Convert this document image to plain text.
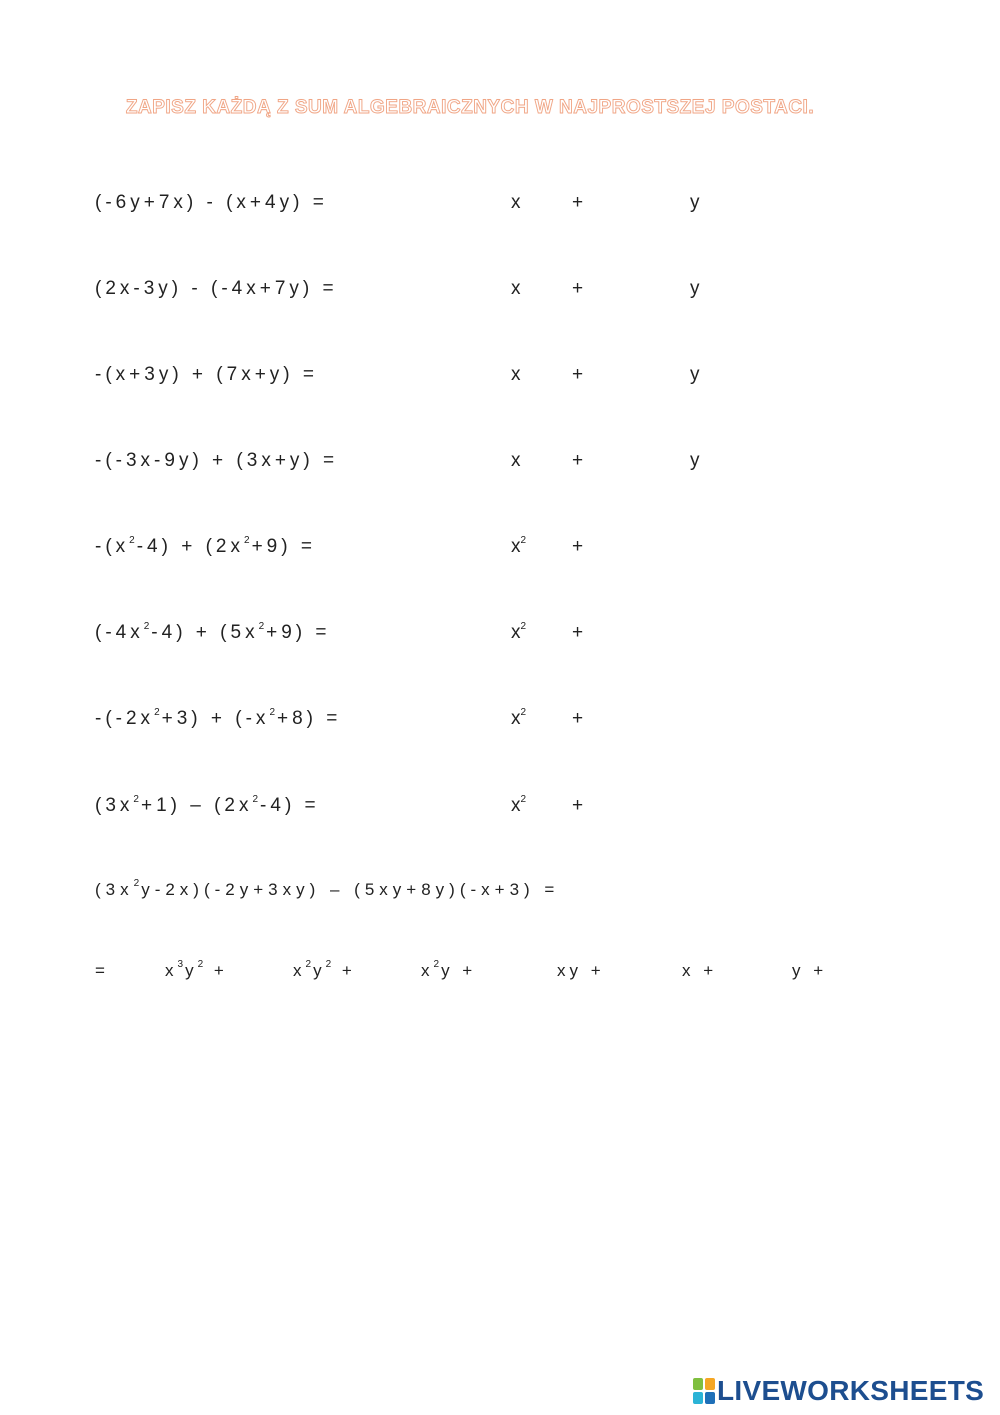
ZAPISZ KAŻDĄ Z SUM ALGEBRAICZNYCH W NAJPROSTSZEJ POSTACI.
(-6y+7x) - (x+4y) =	x	+	y
(2x-3y) - (-4x+7y) =	x	+	y
-(x+3y) + (7x+y) =	x	+	y
-(-3x-9y) + (3x+y) =	x	+	y
$-(x^2-4) + (2x^2+9)$ =	$x^2$ +
$(-4x^2-4) + (5x^2+9)$ =	$x^2$ +
$-(-2x^2+3) + (-x^2+8)$ =	$x^2$ +
$(3x^2+1) - (2x^2-4)$ =	$x^2$ +
$(3x^2y-2x)(-2y+3xy) - (5xy+8y)(-x+3)$ =
=	$x^3y^2$ +	$x^2y^2$ +	$x^2y$ +	xy +	x +	y +
LIVEWORKSHEETS
